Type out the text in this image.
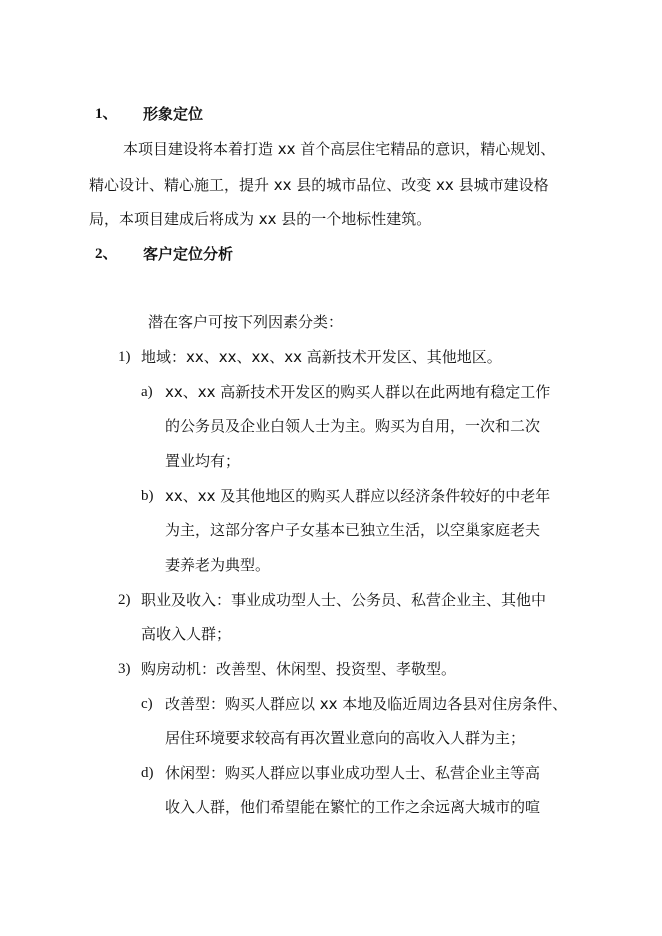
1、 形象定位
本项目建设将本着打造 xx 首个高层住宅精品的意识，精心规划、
精心设计、精心施工，提升 xx 县的城市品位、改变 xx 县城市建设格
局，本项目建成后将成为 xx 县的一个地标性建筑。
2、 客户定位分析
潜在客户可按下列因素分类：
1) 地域：xx、xx、xx、xx 高新技术开发区、其他地区。
a) xx、xx 高新技术开发区的购买人群以在此两地有稳定工作
的公务员及企业白领人士为主。购买为自用，一次和二次
置业均有；
b) xx、xx 及其他地区的购买人群应以经济条件较好的中老年
为主，这部分客户子女基本已独立生活，以空巢家庭老夫
妻养老为典型。
2) 职业及收入：事业成功型人士、公务员、私营企业主、其他中
高收入人群；
3) 购房动机：改善型、休闲型、投资型、孝敬型。
c) 改善型：购买人群应以 xx 本地及临近周边各县对住房条件、
居住环境要求较高有再次置业意向的高收入人群为主；
d) 休闲型：购买人群应以事业成功型人士、私营企业主等高
收入人群，他们希望能在繁忙的工作之余远离大城市的喧
